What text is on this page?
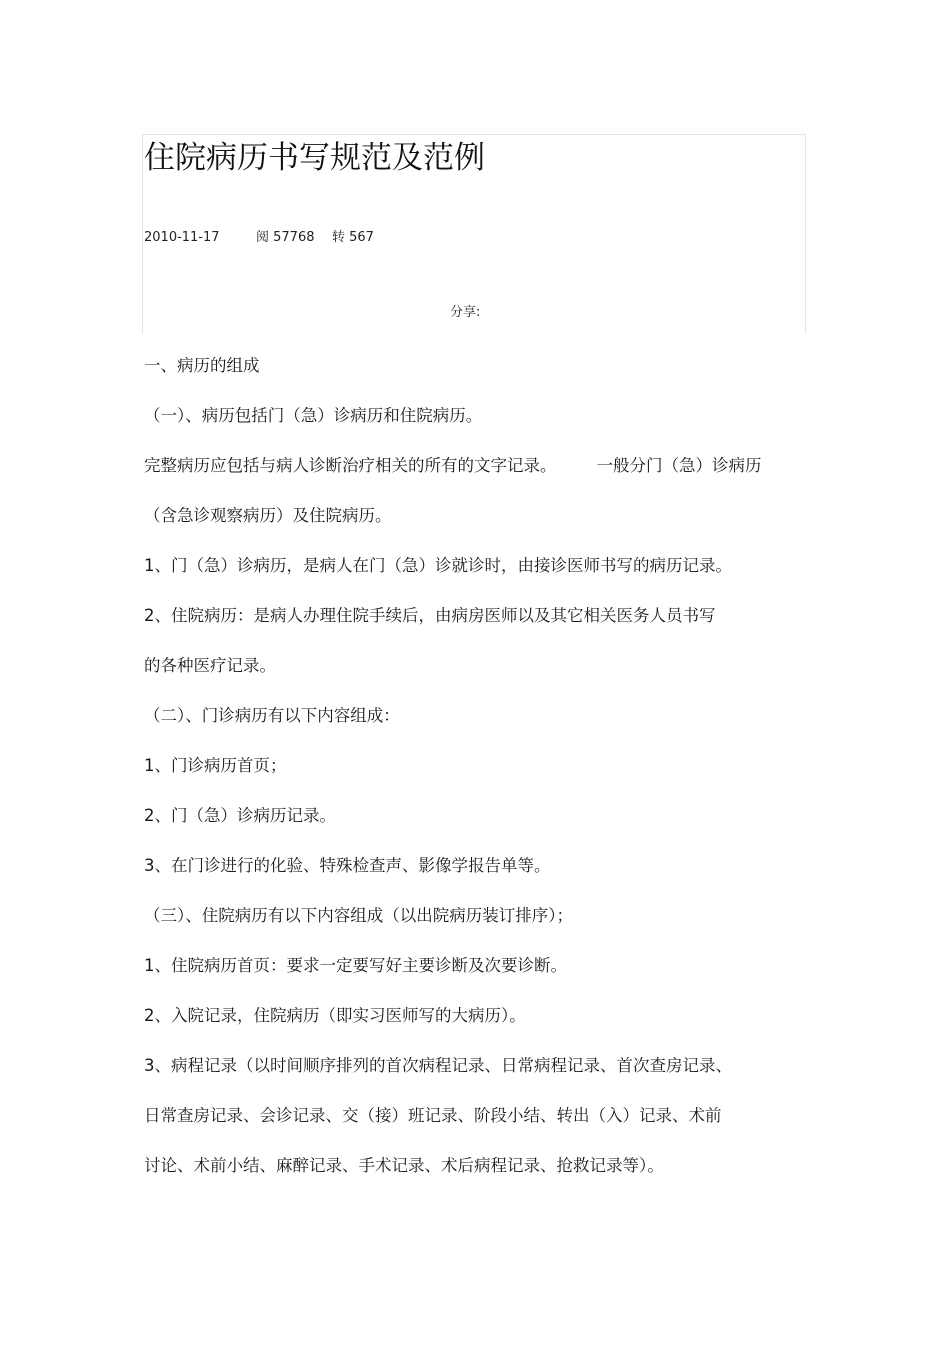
住院病历书写规范及范例
2010-11-17	阅 57768 转 567
分享:

一、病历的组成

（一）、病历包括门（急）诊病历和住院病历。

完整病历应包括与病人诊断治疗相关的所有的文字记录。 一般分门（急）诊病历

（含急诊观察病历）及住院病历。

1、门（急）诊病历，是病人在门（急）诊就诊时，由接诊医师书写的病历记录。

2、住院病历：是病人办理住院手续后，由病房医师以及其它相关医务人员书写

的各种医疗记录。

（二）、门诊病历有以下内容组成：

1、门诊病历首页；

2、门（急）诊病历记录。

3、在门诊进行的化验、特殊检查声、影像学报告单等。

（三）、住院病历有以下内容组成（以出院病历装订排序）；

1、住院病历首页：要求一定要写好主要诊断及次要诊断。

2、入院记录，住院病历（即实习医师写的大病历）。

3、病程记录（以时间顺序排列的首次病程记录、日常病程记录、首次查房记录、

日常查房记录、会诊记录、交（接）班记录、阶段小结、转出（入）记录、术前

讨论、术前小结、麻醉记录、手术记录、术后病程记录、抢救记录等）。
